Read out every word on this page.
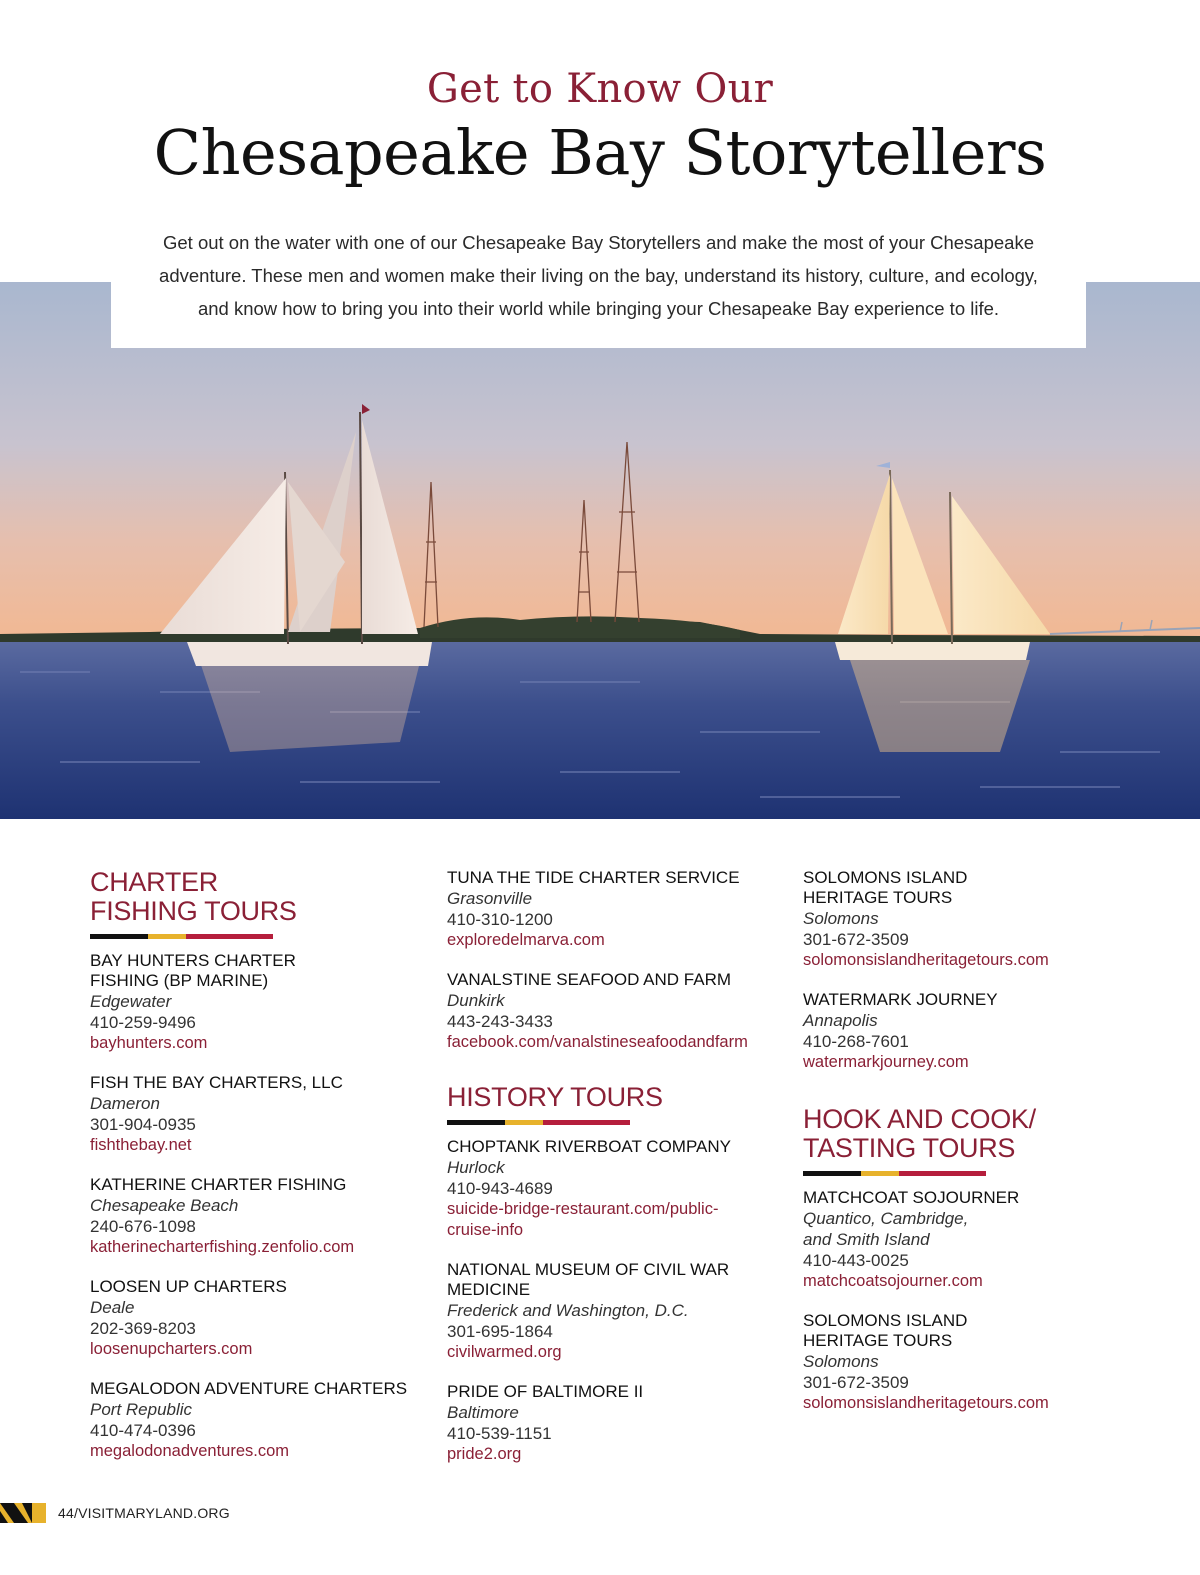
Get to Know Our
Chesapeake Bay Storytellers
Get out on the water with one of our Chesapeake Bay Storytellers and make the most of your Chesapeake
adventure. These men and women make their living on the bay, understand its history, culture, and ecology,
and know how to bring you into their world while bringing your Chesapeake Bay experience to life.
CHARTER
FISHING TOURS
BAY HUNTERS CHARTER
FISHING (BP MARINE)
Edgewater
410-259-9496
bayhunters.com
FISH THE BAY CHARTERS, LLC
Dameron
301-904-0935
fishthebay.net
KATHERINE CHARTER FISHING
Chesapeake Beach
240-676-1098
katherinecharterfishing.zenfolio.com
LOOSEN UP CHARTERS
Deale
202-369-8203
loosenupcharters.com
MEGALODON ADVENTURE CHARTERS
Port Republic
410-474-0396
megalodonadventures.com
TUNA THE TIDE CHARTER SERVICE
Grasonville
410-310-1200
exploredelmarva.com
VANALSTINE SEAFOOD AND FARM
Dunkirk
443-243-3433
facebook.com/vanalstineseafoodandfarm
HISTORY TOURS
CHOPTANK RIVERBOAT COMPANY
Hurlock
410-943-4689
suicide-bridge-restaurant.com/public-
cruise-info
NATIONAL MUSEUM OF CIVIL WAR
MEDICINE
Frederick and Washington, D.C.
301-695-1864
civilwarmed.org
PRIDE OF BALTIMORE II
Baltimore
410-539-1151
pride2.org
SOLOMONS ISLAND
HERITAGE TOURS
Solomons
301-672-3509
solomonsislandheritagetours.com
WATERMARK JOURNEY
Annapolis
410-268-7601
watermarkjourney.com
HOOK AND COOK/
TASTING TOURS
MATCHCOAT SOJOURNER
Quantico, Cambridge,
and Smith Island
410-443-0025
matchcoatsojourner.com
SOLOMONS ISLAND
HERITAGE TOURS
Solomons
301-672-3509
solomonsislandheritagetours.com
44 / VISITMARYLAND.ORG
